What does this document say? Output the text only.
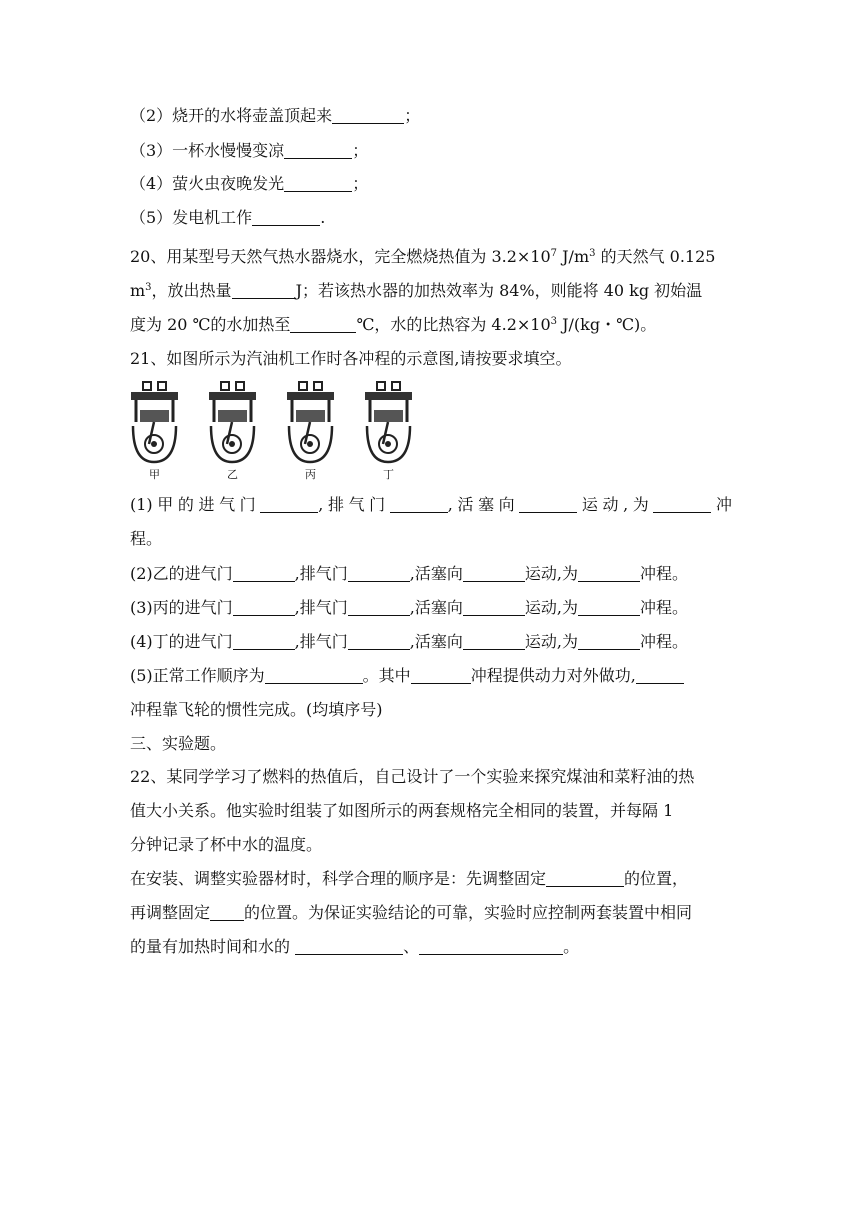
（2）烧开的水将壶盖顶起来	；
（3）一杯水慢慢变凉	；
（4）萤火虫夜晚发光	；
（5）发电机工作	.
20、用某型号天然气热水器烧水，完全燃烧热值为 $3.2\times 10^7$ $J/m^3$ 的天然气 0.125
$m^3$，放出热量	J；若该热水器的加热效率为 84%，则能将 40 kg 初始温
度为 20 ℃的水加热至	℃，水的比热容为 $4.2\times 10^3$ J/(kg・℃)。
21、如图所示为汽油机工作时各冲程的示意图,请按要求填空。
甲	乙	丙	丁
(1)甲的进气门	,排气门	,活塞向	运动,为	冲
程。
(2)乙的进气门	,排气门	,活塞向	运动,为	冲程。
(3)丙的进气门	,排气门	,活塞向	运动,为	冲程。
(4)丁的进气门	,排气门	,活塞向	运动,为	冲程。
(5)正常工作顺序为	。其中	冲程提供动力对外做功,
冲程靠飞轮的惯性完成。(均填序号)
三、实验题。
22、某同学学习了燃料的热值后，自己设计了一个实验来探究煤油和菜籽油的热
值大小关系。他实验时组装了如图所示的两套规格完全相同的装置，并每隔 1
分钟记录了杯中水的温度。
在安装、调整实验器材时，科学合理的顺序是：先调整固定	的位置，
再调整固定 的位置。为保证实验结论的可靠，实验时应控制两套装置中相同
的量有加热时间和水的	、	。
